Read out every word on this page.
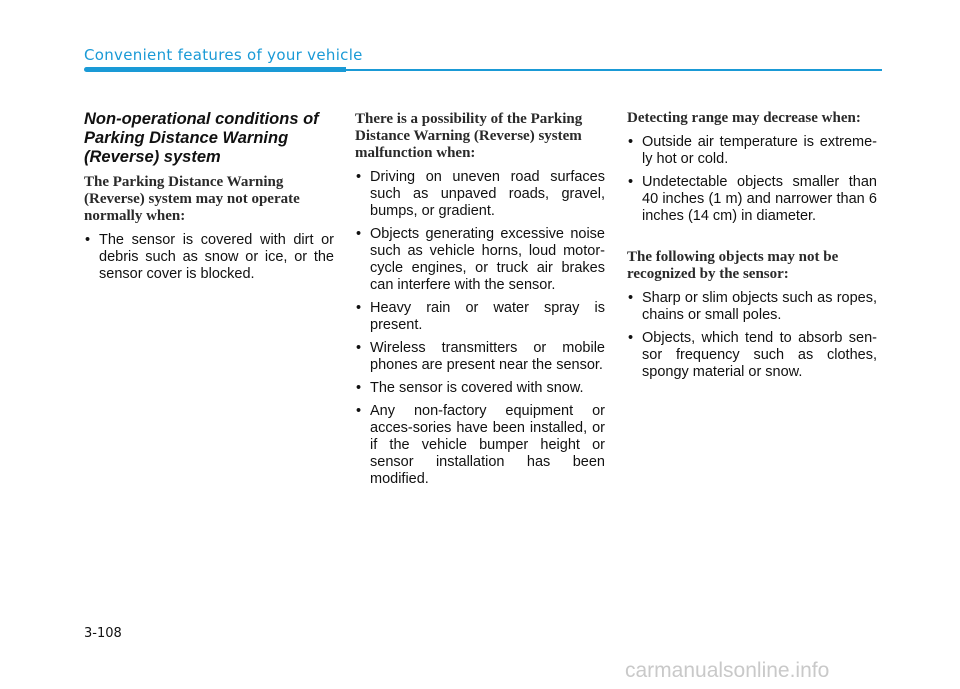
Convenient features of your vehicle
Non-operational conditions of Parking Distance Warning (Reverse) system
The Parking Distance Warning (Reverse) system may not operate normally when:
• The sensor is covered with dirt or debris such as snow or ice, or the sensor cover is blocked.
There is a possibility of the Parking Distance Warning (Reverse) system malfunction when:
• Driving on uneven road surfaces such as unpaved roads, gravel, bumps, or gradient.
• Objects generating excessive noise such as vehicle horns, loud motor-cycle engines, or truck air brakes can interfere with the sensor.
• Heavy rain or water spray is present.
• Wireless transmitters or mobile phones are present near the sensor.
• The sensor is covered with snow.
• Any non-factory equipment or acces-sories have been installed, or if the vehicle bumper height or sensor installation has been modified.
Detecting range may decrease when:
• Outside air temperature is extreme-ly hot or cold.
• Undetectable objects smaller than 40 inches (1 m) and narrower than 6 inches (14 cm) in diameter.
The following objects may not be recognized by the sensor:
• Sharp or slim objects such as ropes, chains or small poles.
• Objects, which tend to absorb sen-sor frequency such as clothes, spongy material or snow.
3-108
carmanualsonline.info
